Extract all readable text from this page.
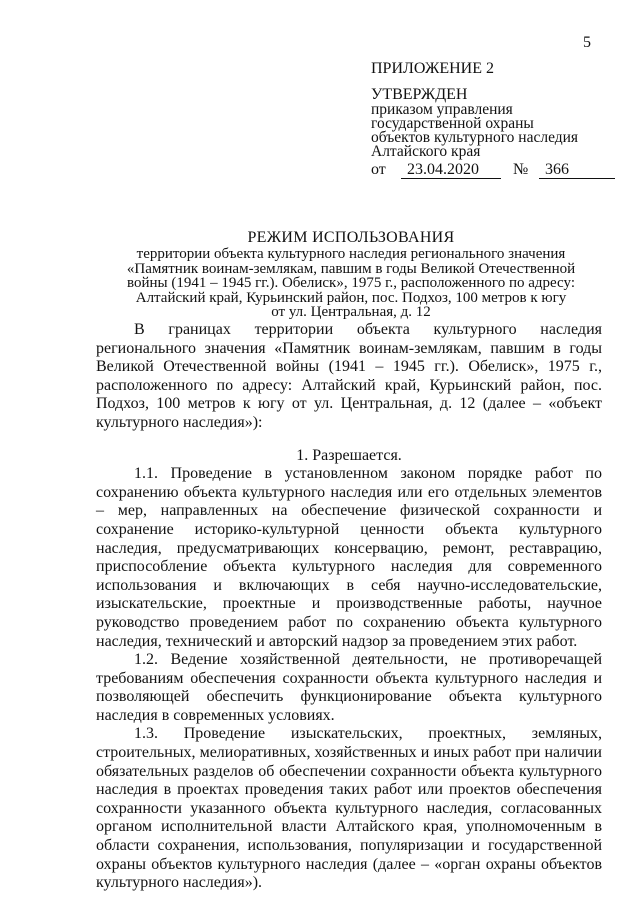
5
ПРИЛОЖЕНИЕ 2
УТВЕРЖДЕН
приказом управления
государственной охраны
объектов культурного наследия
Алтайского края
от	23.04.2020	№	366
РЕЖИМ ИСПОЛЬЗОВАНИЯ
территории объекта культурного наследия регионального значения
«Памятник воинам-землякам, павшим в годы Великой Отечественной
войны (1941 – 1945 гг.). Обелиск», 1975 г., расположенного по адресу:
Алтайский край, Курьинский район, пос. Подхоз, 100 метров к югу
от ул. Центральная, д. 12

В границах территории объекта культурного наследия регионального значения «Памятник воинам-землякам, павшим в годы Великой Отечественной войны (1941 – 1945 гг.). Обелиск», 1975 г., расположенного по адресу: Алтайский край, Курьинский район, пос. Подхоз, 100 метров к югу от ул. Центральная, д. 12 (далее – «объект культурного наследия»):

1. Разрешается.

1.1. Проведение в установленном законом порядке работ по сохранению объекта культурного наследия или его отдельных элементов – мер, направленных на обеспечение физической сохранности и сохранение историко-культурной ценности объекта культурного наследия, предусматривающих консервацию, ремонт, реставрацию, приспособление объекта культурного наследия для современного использования и включающих в себя научно-исследовательские, изыскательские, проектные и производственные работы, научное руководство проведением работ по сохранению объекта культурного наследия, технический и авторский надзор за проведением этих работ.

1.2. Ведение хозяйственной деятельности, не противоречащей требованиям обеспечения сохранности объекта культурного наследия и позволяющей обеспечить функционирование объекта культурного наследия в современных условиях.

1.3. Проведение изыскательских, проектных, земляных, строительных, мелиоративных, хозяйственных и иных работ при наличии обязательных разделов об обеспечении сохранности объекта культурного наследия в проектах проведения таких работ или проектов обеспечения сохранности указанного объекта культурного наследия, согласованных органом исполнительной власти Алтайского края, уполномоченным в области сохранения, использования, популяризации и государственной охраны объектов культурного наследия (далее – «орган охраны объектов культурного наследия»).
